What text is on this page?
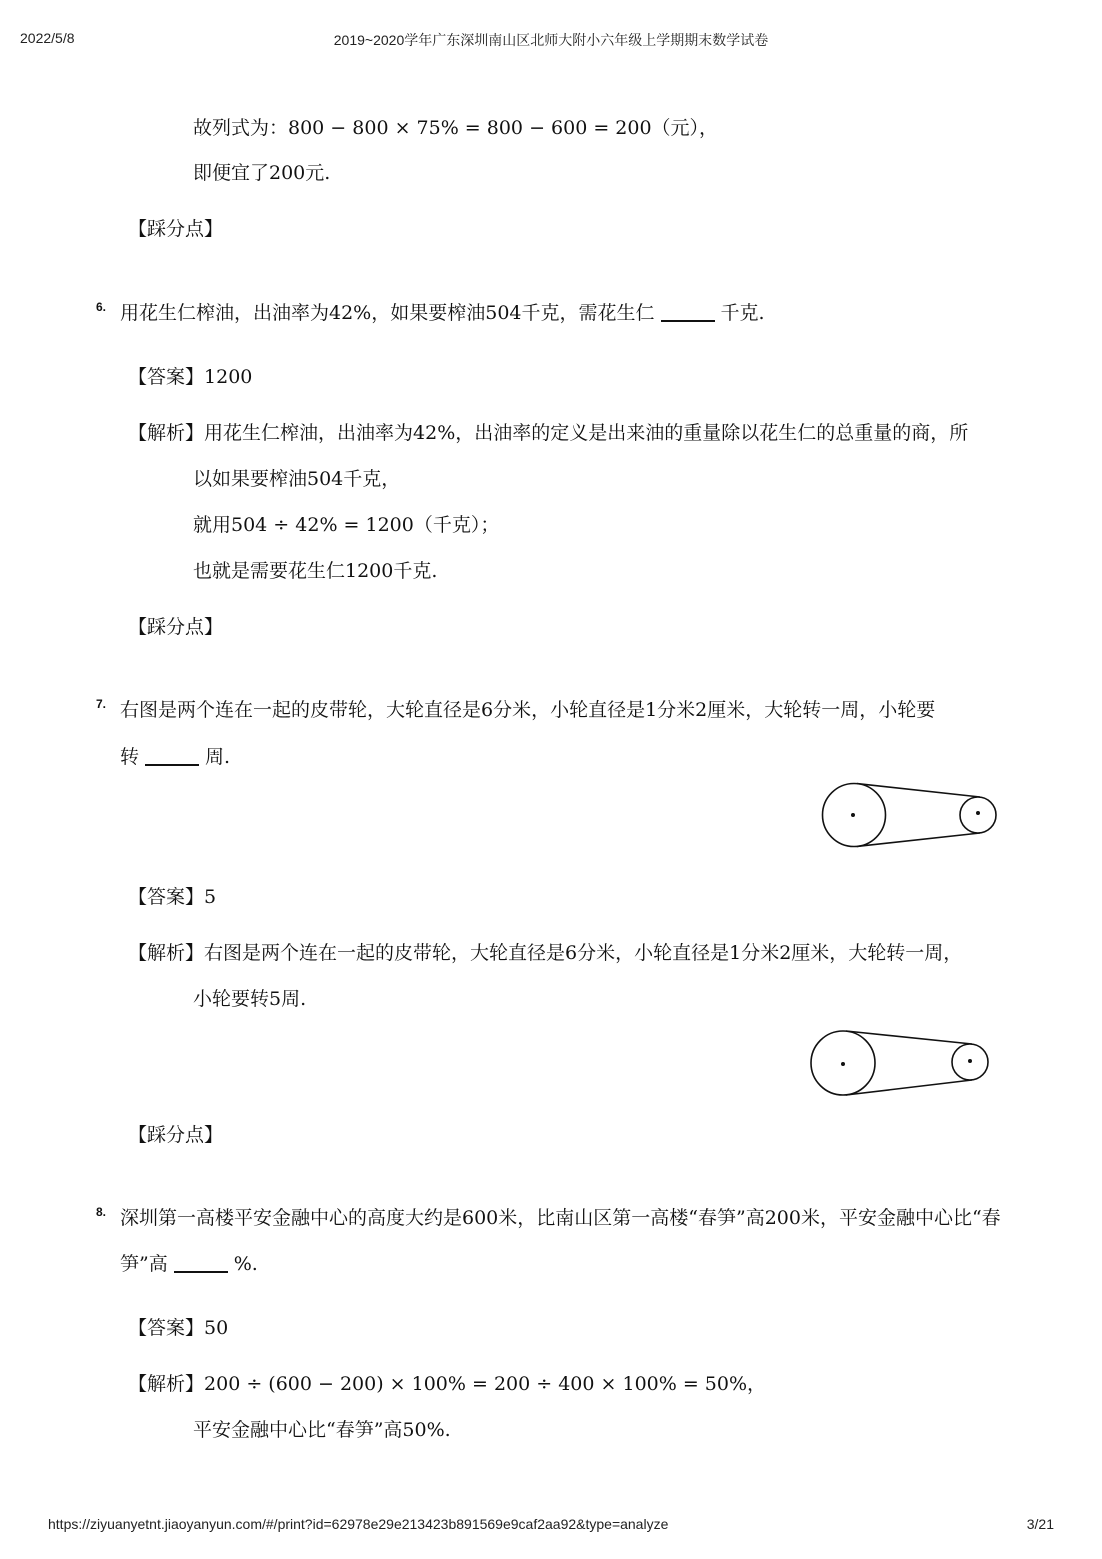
2022/5/8	2019~2020学年广东深圳南山区北师大附小六年级上学期期末数学试卷
故列式为：800 − 800 × 75% = 800 − 600 = 200（元），
即便宜了200元.
【踩分点】
6. 用花生仁榨油，出油率为42%，如果要榨油504千克，需花生仁	千克.
【答案】1200
【解析】用花生仁榨油，出油率为42%，出油率的定义是出来油的重量除以花生仁的总重量的商，所
以如果要榨油504千克，
就用504 ÷ 42% = 1200（千克）；
也就是需要花生仁1200千克.
【踩分点】
7. 右图是两个连在一起的皮带轮，大轮直径是6分米，小轮直径是1分米2厘米，大轮转一周，小轮要
转	周.
【答案】5
【解析】右图是两个连在一起的皮带轮，大轮直径是6分米，小轮直径是1分米2厘米，大轮转一周，
小轮要转5周.
【踩分点】
8. 深圳第一高楼平安金融中心的高度大约是600米，比南山区第一高楼“春笋”高200米，平安金融中心比“春
笋”高	%.
【答案】50
【解析】200 ÷ (600 − 200) × 100% = 200 ÷ 400 × 100% = 50%，
平安金融中心比“春笋”高50%.
https://ziyuanyetnt.jiaoyanyun.com/#/print?id=62978e29e213423b891569e9caf2aa92&type=analyze	3/21
